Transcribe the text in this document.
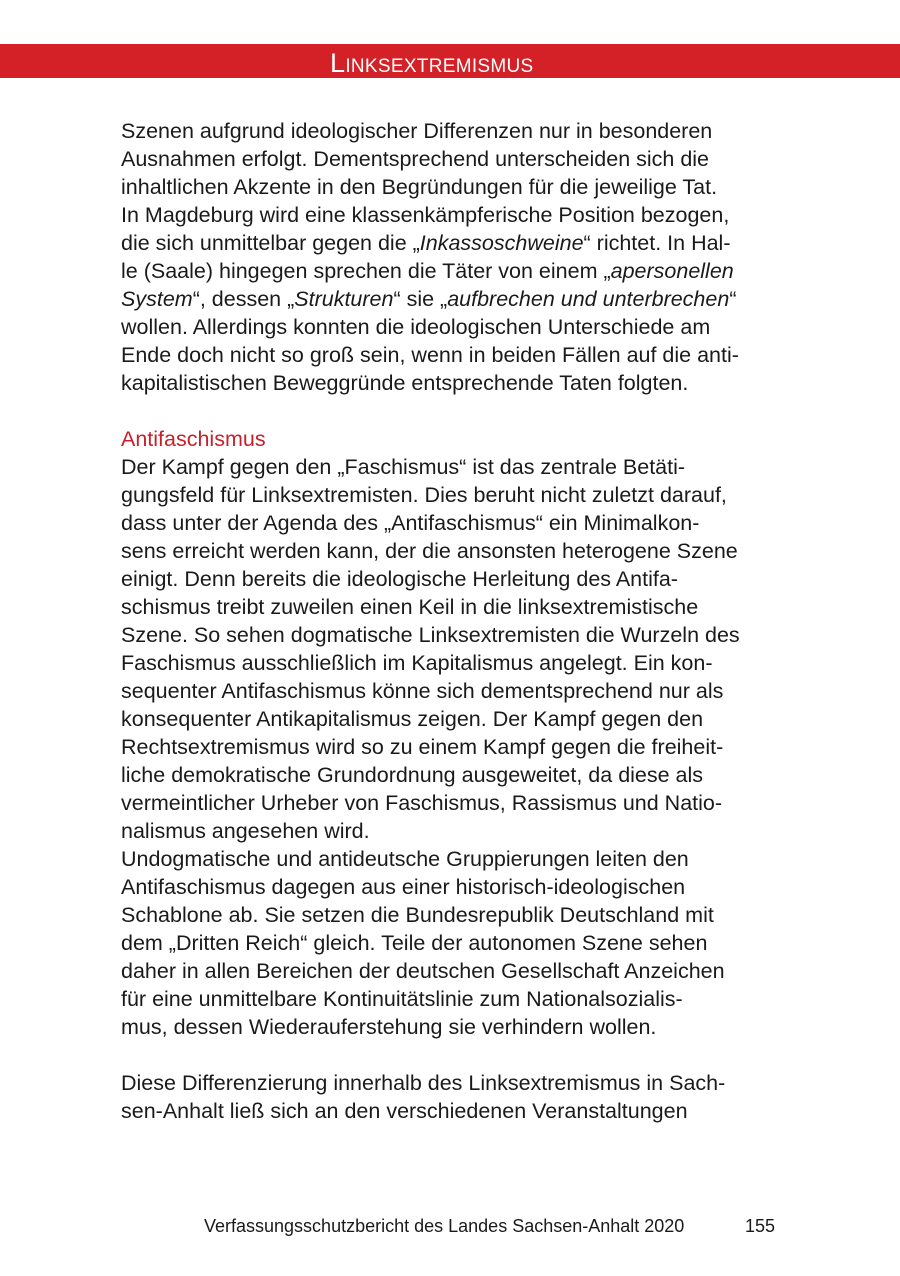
Linksextremismus
Szenen aufgrund ideologischer Differenzen nur in besonderen
Ausnahmen erfolgt. Dementsprechend unterscheiden sich die
inhaltlichen Akzente in den Begründungen für die jeweilige Tat.
In Magdeburg wird eine klassenkämpferische Position bezogen,
die sich unmittelbar gegen die „Inkassoschweine“ richtet. In Hal-
le (Saale) hingegen sprechen die Täter von einem „apersonellen
System“, dessen „Strukturen“ sie „aufbrechen und unterbrechen“
wollen. Allerdings konnten die ideologischen Unterschiede am
Ende doch nicht so groß sein, wenn in beiden Fällen auf die anti-
kapitalistischen Beweggründe entsprechende Taten folgten.
Antifaschismus
Der Kampf gegen den „Faschismus“ ist das zentrale Betäti-
gungsfeld für Linksextremisten. Dies beruht nicht zuletzt darauf,
dass unter der Agenda des „Antifaschismus“ ein Minimalkon-
sens erreicht werden kann, der die ansonsten heterogene Szene
einigt. Denn bereits die ideologische Herleitung des Antifa-
schismus treibt zuweilen einen Keil in die linksextremistische
Szene. So sehen dogmatische Linksextremisten die Wurzeln des
Faschismus ausschließlich im Kapitalismus angelegt. Ein kon-
sequenter Antifaschismus könne sich dementsprechend nur als
konsequenter Antikapitalismus zeigen. Der Kampf gegen den
Rechtsextremismus wird so zu einem Kampf gegen die freiheit-
liche demokratische Grundordnung ausgeweitet, da diese als
vermeintlicher Urheber von Faschismus, Rassismus und Natio-
nalismus angesehen wird.
Undogmatische und antideutsche Gruppierungen leiten den
Antifaschismus dagegen aus einer historisch-ideologischen
Schablone ab. Sie setzen die Bundesrepublik Deutschland mit
dem „Dritten Reich“ gleich. Teile der autonomen Szene sehen
daher in allen Bereichen der deutschen Gesellschaft Anzeichen
für eine unmittelbare Kontinuitätslinie zum Nationalsozialis-
mus, dessen Wiederauferstehung sie verhindern wollen.
Diese Differenzierung innerhalb des Linksextremismus in Sach-
sen-Anhalt ließ sich an den verschiedenen Veranstaltungen
Verfassungsschutzbericht des Landes Sachsen-Anhalt 2020	155
